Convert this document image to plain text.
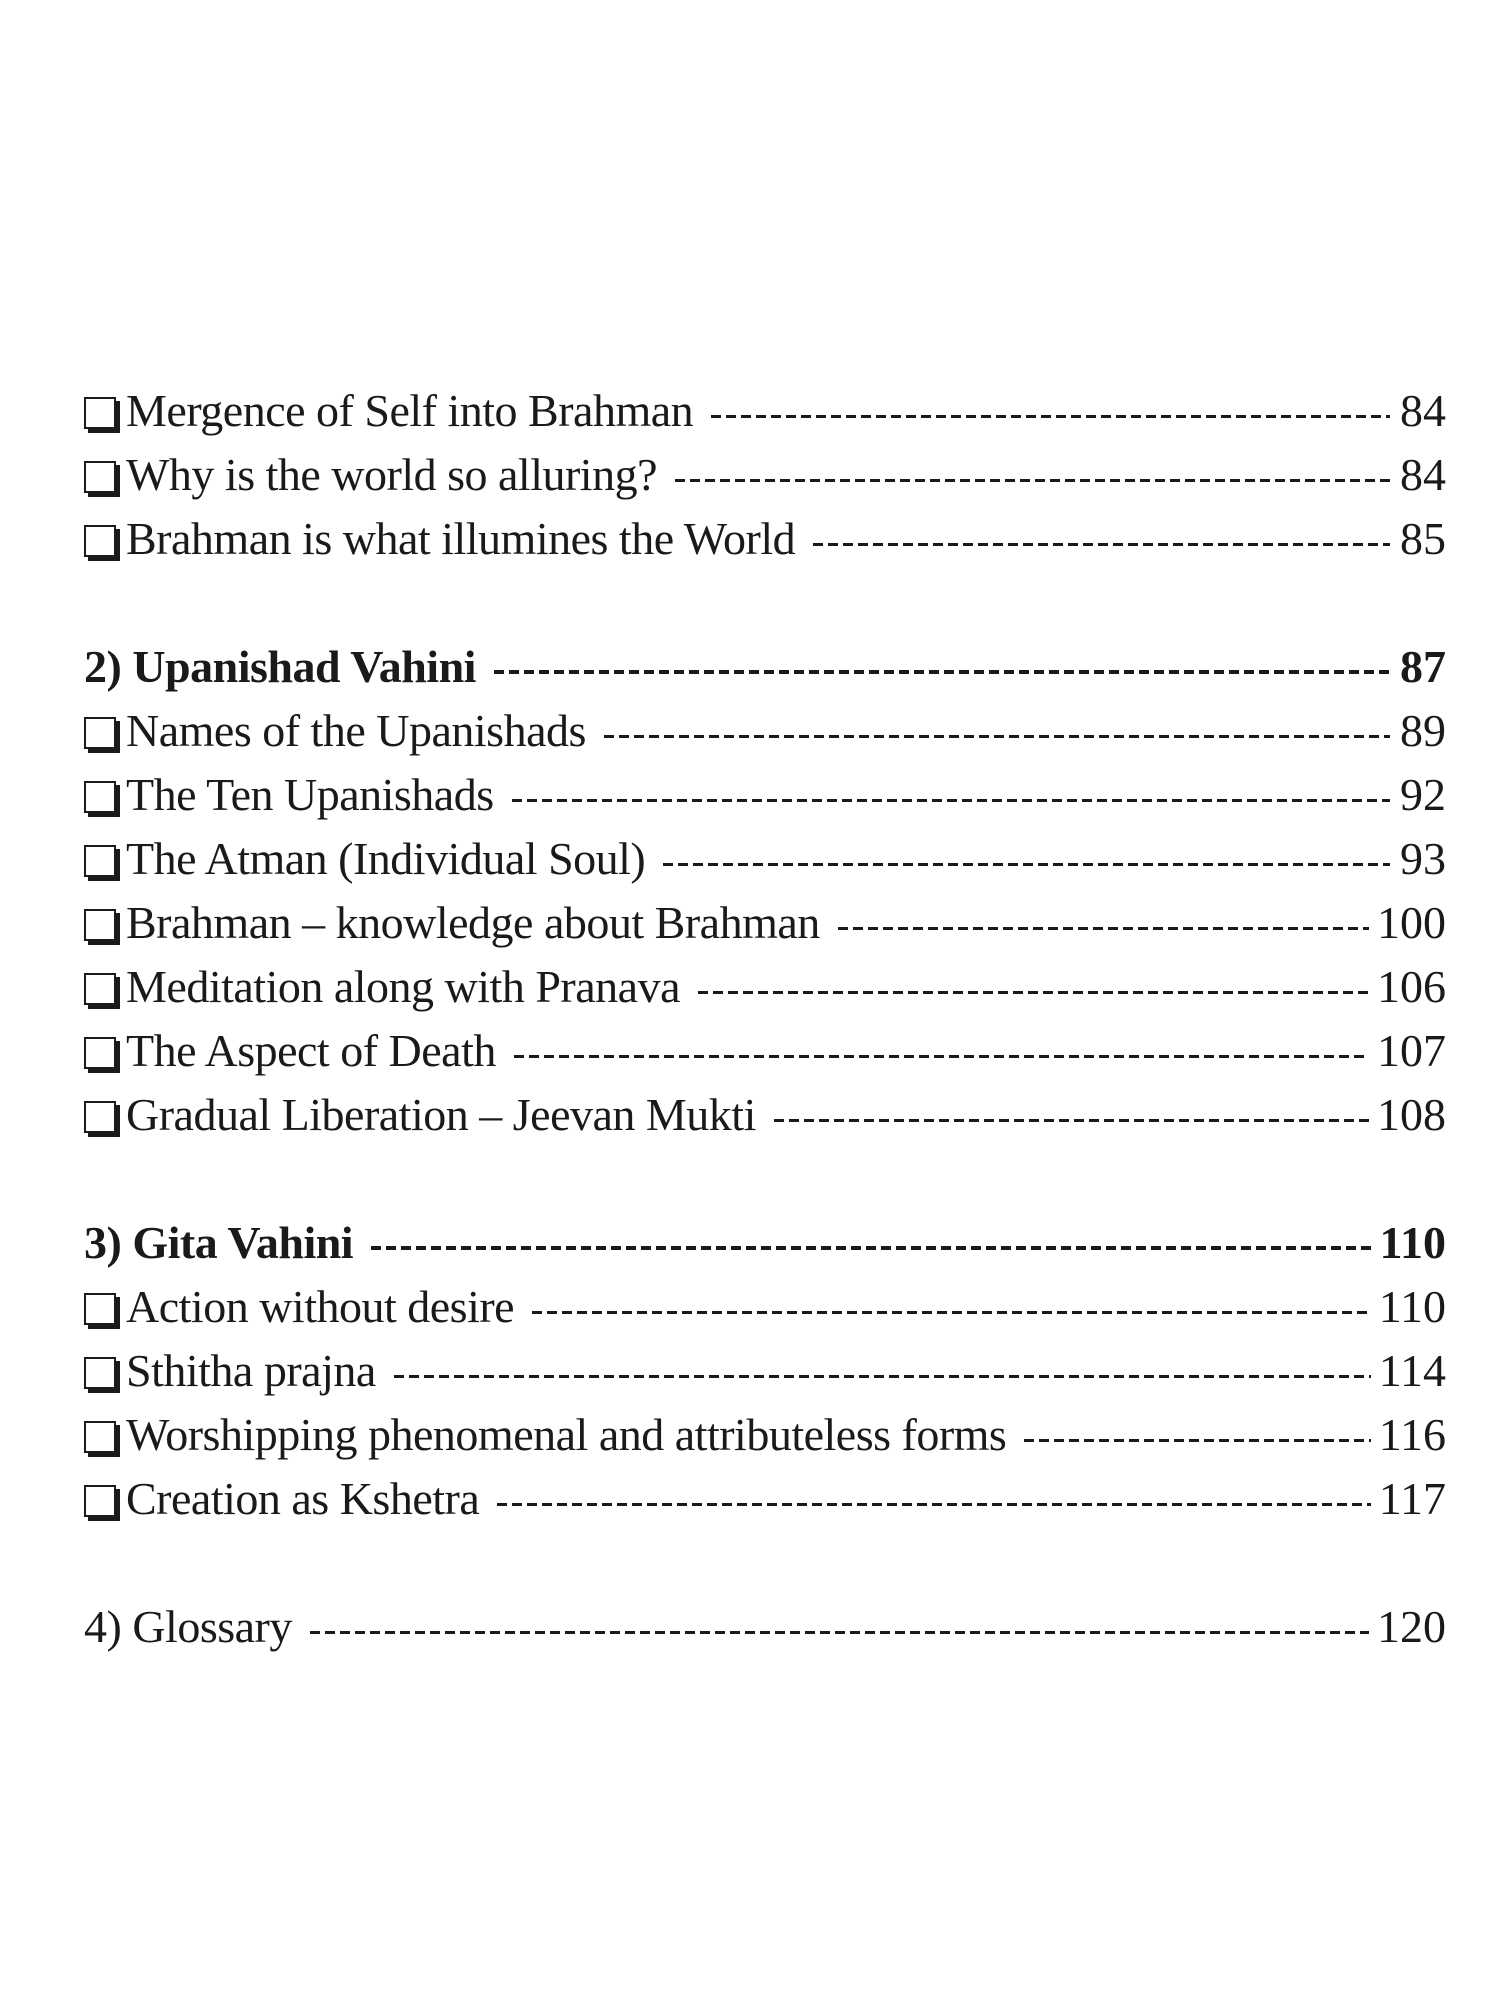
Mergence of Self into Brahman	84
Why is the world so alluring?	84
Brahman is what illumines the World	85
2) Upanishad Vahini	87
Names of the Upanishads	89
The Ten Upanishads	92
The Atman (Individual Soul)	93
Brahman – knowledge about Brahman	100
Meditation along with Pranava	106
The Aspect of Death	107
Gradual Liberation – Jeevan Mukti	108
3) Gita Vahini	110
Action without desire	110
Sthitha prajna	114
Worshipping phenomenal and attributeless forms	116
Creation as Kshetra	117
4) Glossary	120
